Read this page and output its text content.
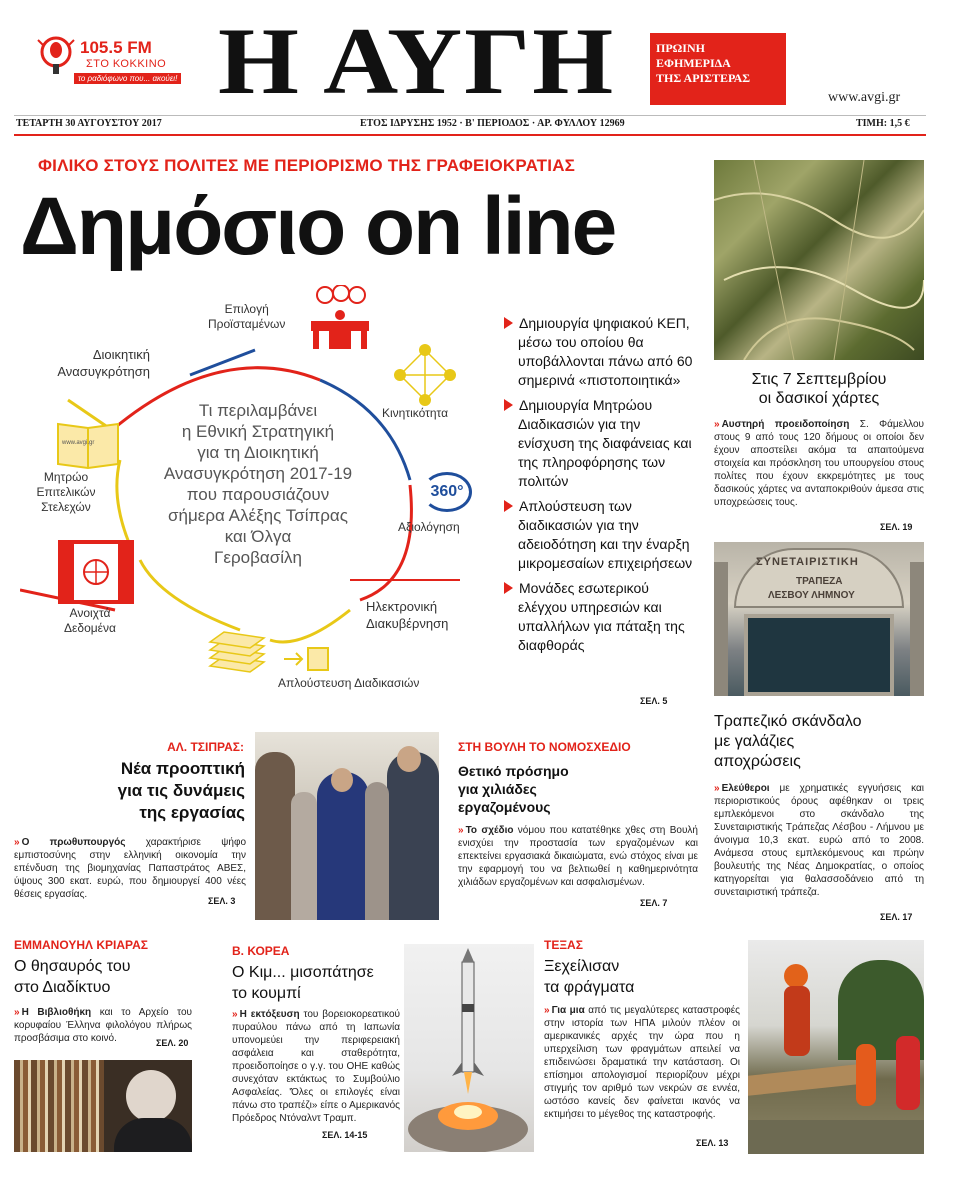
105.5 FM
ΣΤΟ ΚΟΚΚΙΝΟ
το ραδιόφωνο που... ακούει! Η ΑΥΓΗ	ΠΡΩΙΝΗ
ΕΦΗΜΕΡΙΔΑ
ΤΗΣ ΑΡΙΣΤΕΡΑΣ
www.avgi.gr
ΤΕΤΑΡΤΗ 30 ΑΥΓΟΥΣΤΟΥ 2017	ΕΤΟΣ ΙΔΡΥΣΗΣ 1952 · Β' ΠΕΡΙΟΔΟΣ · ΑΡ. ΦΥΛΛΟΥ 12969	ΤΙΜΗ: 1,5 €
ΦΙΛΙΚΟ ΣΤΟΥΣ ΠΟΛΙΤΕΣ ΜΕ ΠΕΡΙΟΡΙΣΜΟ ΤΗΣ ΓΡΑΦΕΙΟΚΡΑΤΙΑΣ
Δημόσιο on line
Επιλογή
Προϊσταμένων
Διοικητική
Ανασυγκρότηση
Κινητικότητα
Τι περιλαμβάνει
η Εθνική Στρατηγική
για τη Διοικητική
Ανασυγκρότηση 2017-19
που παρουσιάζουν
σήμερα Αλέξης Τσίπρας
και Όλγα
Γεροβασίλη
www.avgi.gr
Μητρώο
Επιτελικών
Στελεχών
360°
Αξιολόγηση
Ανοιχτά
Δεδομένα
Ηλεκτρονική
Διακυβέρνηση
Απλούστευση Διαδικασιών
Δημιουργία ψηφιακού ΚΕΠ, μέσω του οποίου θα υποβάλλονται πάνω από 60 σημερινά «πιστοποιητικά»
Δημιουργία Μητρώου Διαδικασιών για την ενίσχυση της διαφάνειας και της πληροφόρησης των πολιτών
Απλούστευση των διαδικασιών για την αδειοδότηση και την έναρξη μικρομεσαίων επιχειρήσεων
Μονάδες εσωτερικού ελέγχου υπηρεσιών και υπαλλήλων για πάταξη της διαφθοράς
ΣΕΛ. 5
Στις 7 Σεπτεμβρίου
οι δασικοί χάρτες

» Αυστηρή προειδοποίηση Σ. Φάμελλου στους 9 από τους 120 δήμους οι οποίοι δεν έχουν αποστείλει ακόμα τα απαιτούμενα στοιχεία και πρόσκληση του υπουργείου στους πολίτες που έχουν εκκρεμότητες με τους δασικούς χάρτες να ανταποκριθούν άμεσα στις υποχρεώσεις τους.

ΣΕΛ. 19
ΣΥΝΕΤΑΙΡΙΣΤΙΚΗ
ΤΡΑΠΕΖΑ
ΛΕΣΒΟΥ ΛΗΜΝΟΥ
Τραπεζικό σκάνδαλο
με γαλάζιες
αποχρώσεις

» Ελεύθεροι με χρηματικές εγγυήσεις και περιοριστικούς όρους αφέθηκαν οι τρεις εμπλεκόμενοι στο σκάνδαλο της Συνεταιριστικής Τράπεζας Λέσβου - Λήμνου με άνοιγμα 10,3 εκατ. ευρώ από το 2008. Ανάμεσα στους εμπλεκόμενους και πρώην βουλευτής της Νέας Δημοκρατίας, ο οποίος κατηγορείται για θαλασσοδάνειο από τη συνεταιριστική τράπεζα.

ΣΕΛ. 17
ΑΛ. ΤΣΙΠΡΑΣ:
Νέα προοπτική
για τις δυνάμεις
της εργασίας

» Ο πρωθυπουργός χαρακτήρισε ψήφο εμπιστοσύνης στην ελληνική οικονομία την επένδυση της βιομηχανίας Παπαστράτος ΑΒΕΣ, ύψους 300 εκατ. ευρώ, που δημιουργεί 400 νέες θέσεις εργασίας.

ΣΕΛ. 3
ΣΤΗ ΒΟΥΛΗ ΤΟ ΝΟΜΟΣΧΕΔΙΟ
Θετικό πρόσημο
για χιλιάδες
εργαζομένους

» Το σχέδιο νόμου που κατατέθηκε χθες στη Βουλή ενισχύει την προστασία των εργαζομένων και επεκτείνει εργασιακά δικαιώματα, ενώ στόχος είναι με την εφαρμογή του να βελτιωθεί η καθημερινότητα χιλιάδων εργαζομένων και ασφαλισμένων.

ΣΕΛ. 7
ΕΜΜΑΝΟΥΗΛ ΚΡΙΑΡΑΣ
Ο θησαυρός του
στο Διαδίκτυο

» Η Βιβλιοθήκη και το Αρχείο του κορυφαίου Έλληνα φιλολόγου πλήρως προσβάσιμα στο κοινό.	ΣΕΛ. 20
Β. ΚΟΡΕΑ
Ο Κιμ... μισοπάτησε
το κουμπί

» Η εκτόξευση του βορειοκορεατικού πυραύλου πάνω από τη Ιαπωνία υπονομεύει την περιφερειακή ασφάλεια και σταθερότητα, προειδοποίησε ο γ.γ. του ΟΗΕ καθώς συνεχόταν εκτάκτως το Συμβούλιο Ασφαλείας. 'Όλες οι επιλογές είναι πάνω στο τραπέζι» είπε ο Αμερικανός Πρόεδρος Ντόναλντ Τραμπ.

ΣΕΛ. 14-15
ΤΕΞΑΣ
Ξεχείλισαν
τα φράγματα

» Για μια από τις μεγαλύτερες καταστροφές στην ιστορία των ΗΠΑ μιλούν πλέον οι αμερικανικές αρχές την ώρα που η υπερχείλιση των φραγμάτων απειλεί να επιδεινώσει δραματικά την κατάσταση. Οι επίσημοι απολογισμοί περιορίζουν μέχρι στιγμής τον αριθμό των νεκρών σε εννέα, ωστόσο κανείς δεν φαίνεται ικανός να εκτιμήσει το μέγεθος της καταστροφής.

ΣΕΛ. 13
